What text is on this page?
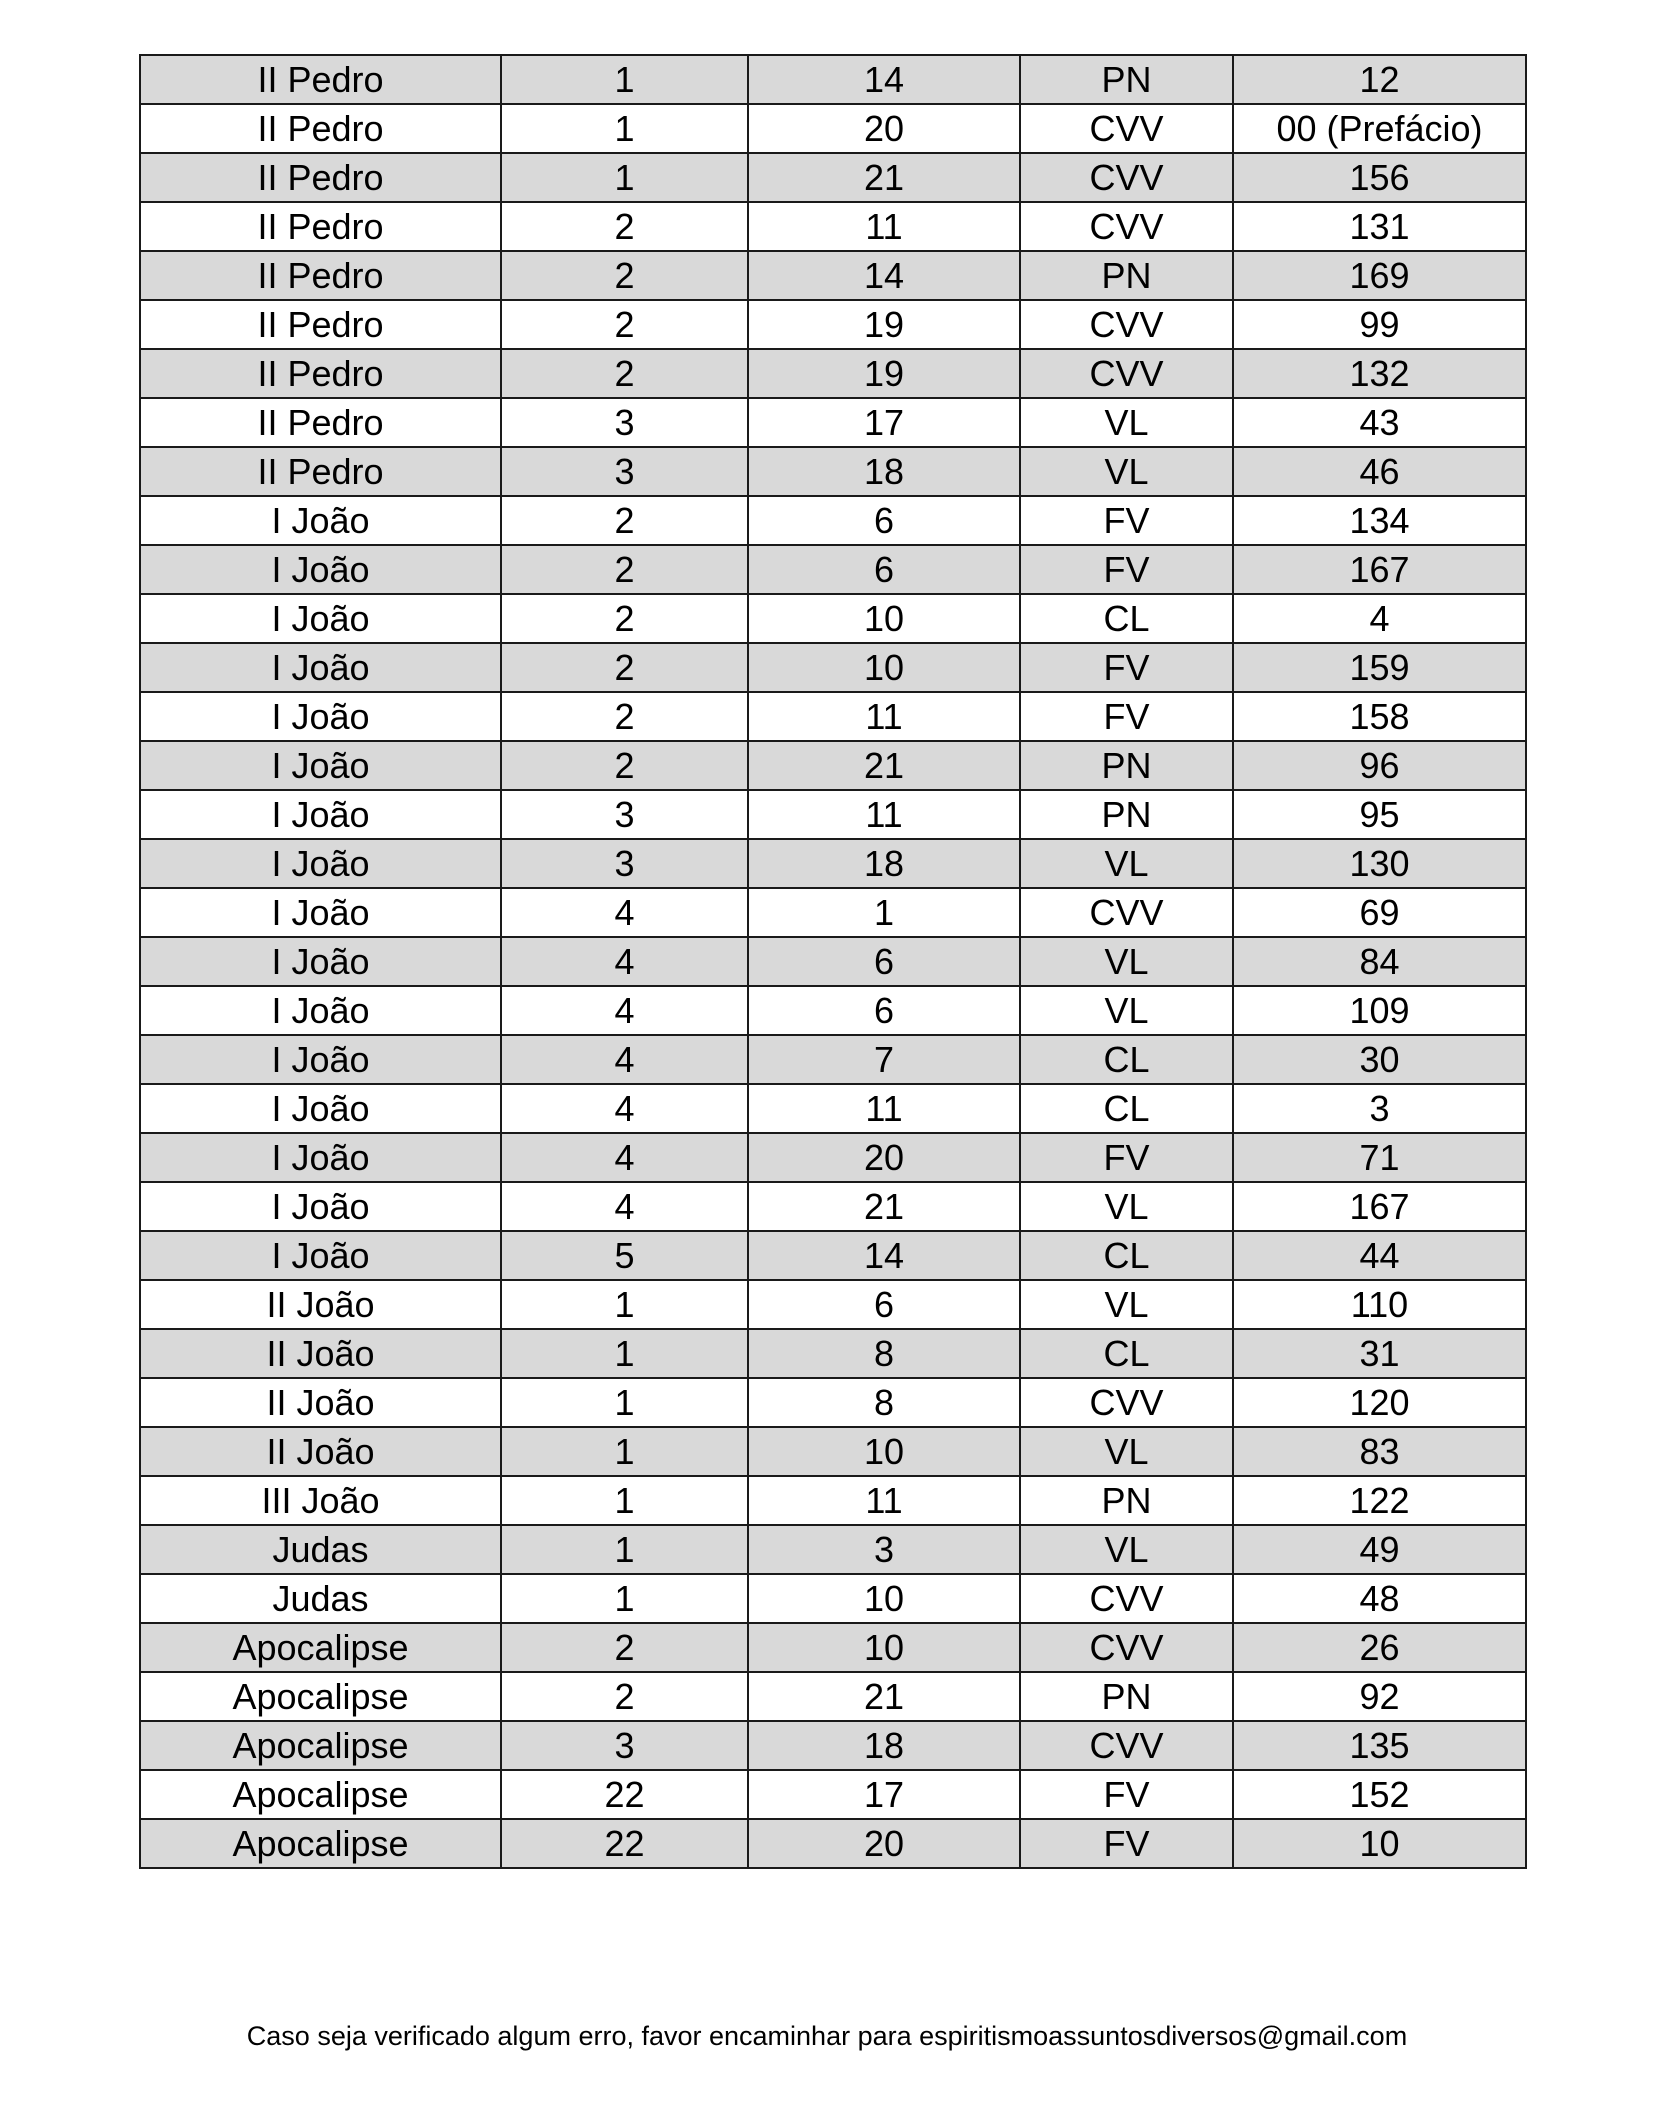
II Pedro	1	14	PN	12
II Pedro	1	20	CVV	00 (Prefácio)
II Pedro	1	21	CVV	156
II Pedro	2	11	CVV	131
II Pedro	2	14	PN	169
II Pedro	2	19	CVV	99
II Pedro	2	19	CVV	132
II Pedro	3	17	VL	43
II Pedro	3	18	VL	46
I João	2	6	FV	134
I João	2	6	FV	167
I João	2	10	CL	4
I João	2	10	FV	159
I João	2	11	FV	158
I João	2	21	PN	96
I João	3	11	PN	95
I João	3	18	VL	130
I João	4	1	CVV	69
I João	4	6	VL	84
I João	4	6	VL	109
I João	4	7	CL	30
I João	4	11	CL	3
I João	4	20	FV	71
I João	4	21	VL	167
I João	5	14	CL	44
II João	1	6	VL	110
II João	1	8	CL	31
II João	1	8	CVV	120
II João	1	10	VL	83
III João	1	11	PN	122
Judas	1	3	VL	49
Judas	1	10	CVV	48
Apocalipse	2	10	CVV	26
Apocalipse	2	21	PN	92
Apocalipse	3	18	CVV	135
Apocalipse	22	17	FV	152
Apocalipse	22	20	FV	10
Caso seja verificado algum erro, favor encaminhar para espiritismoassuntosdiversos@gmail.com
